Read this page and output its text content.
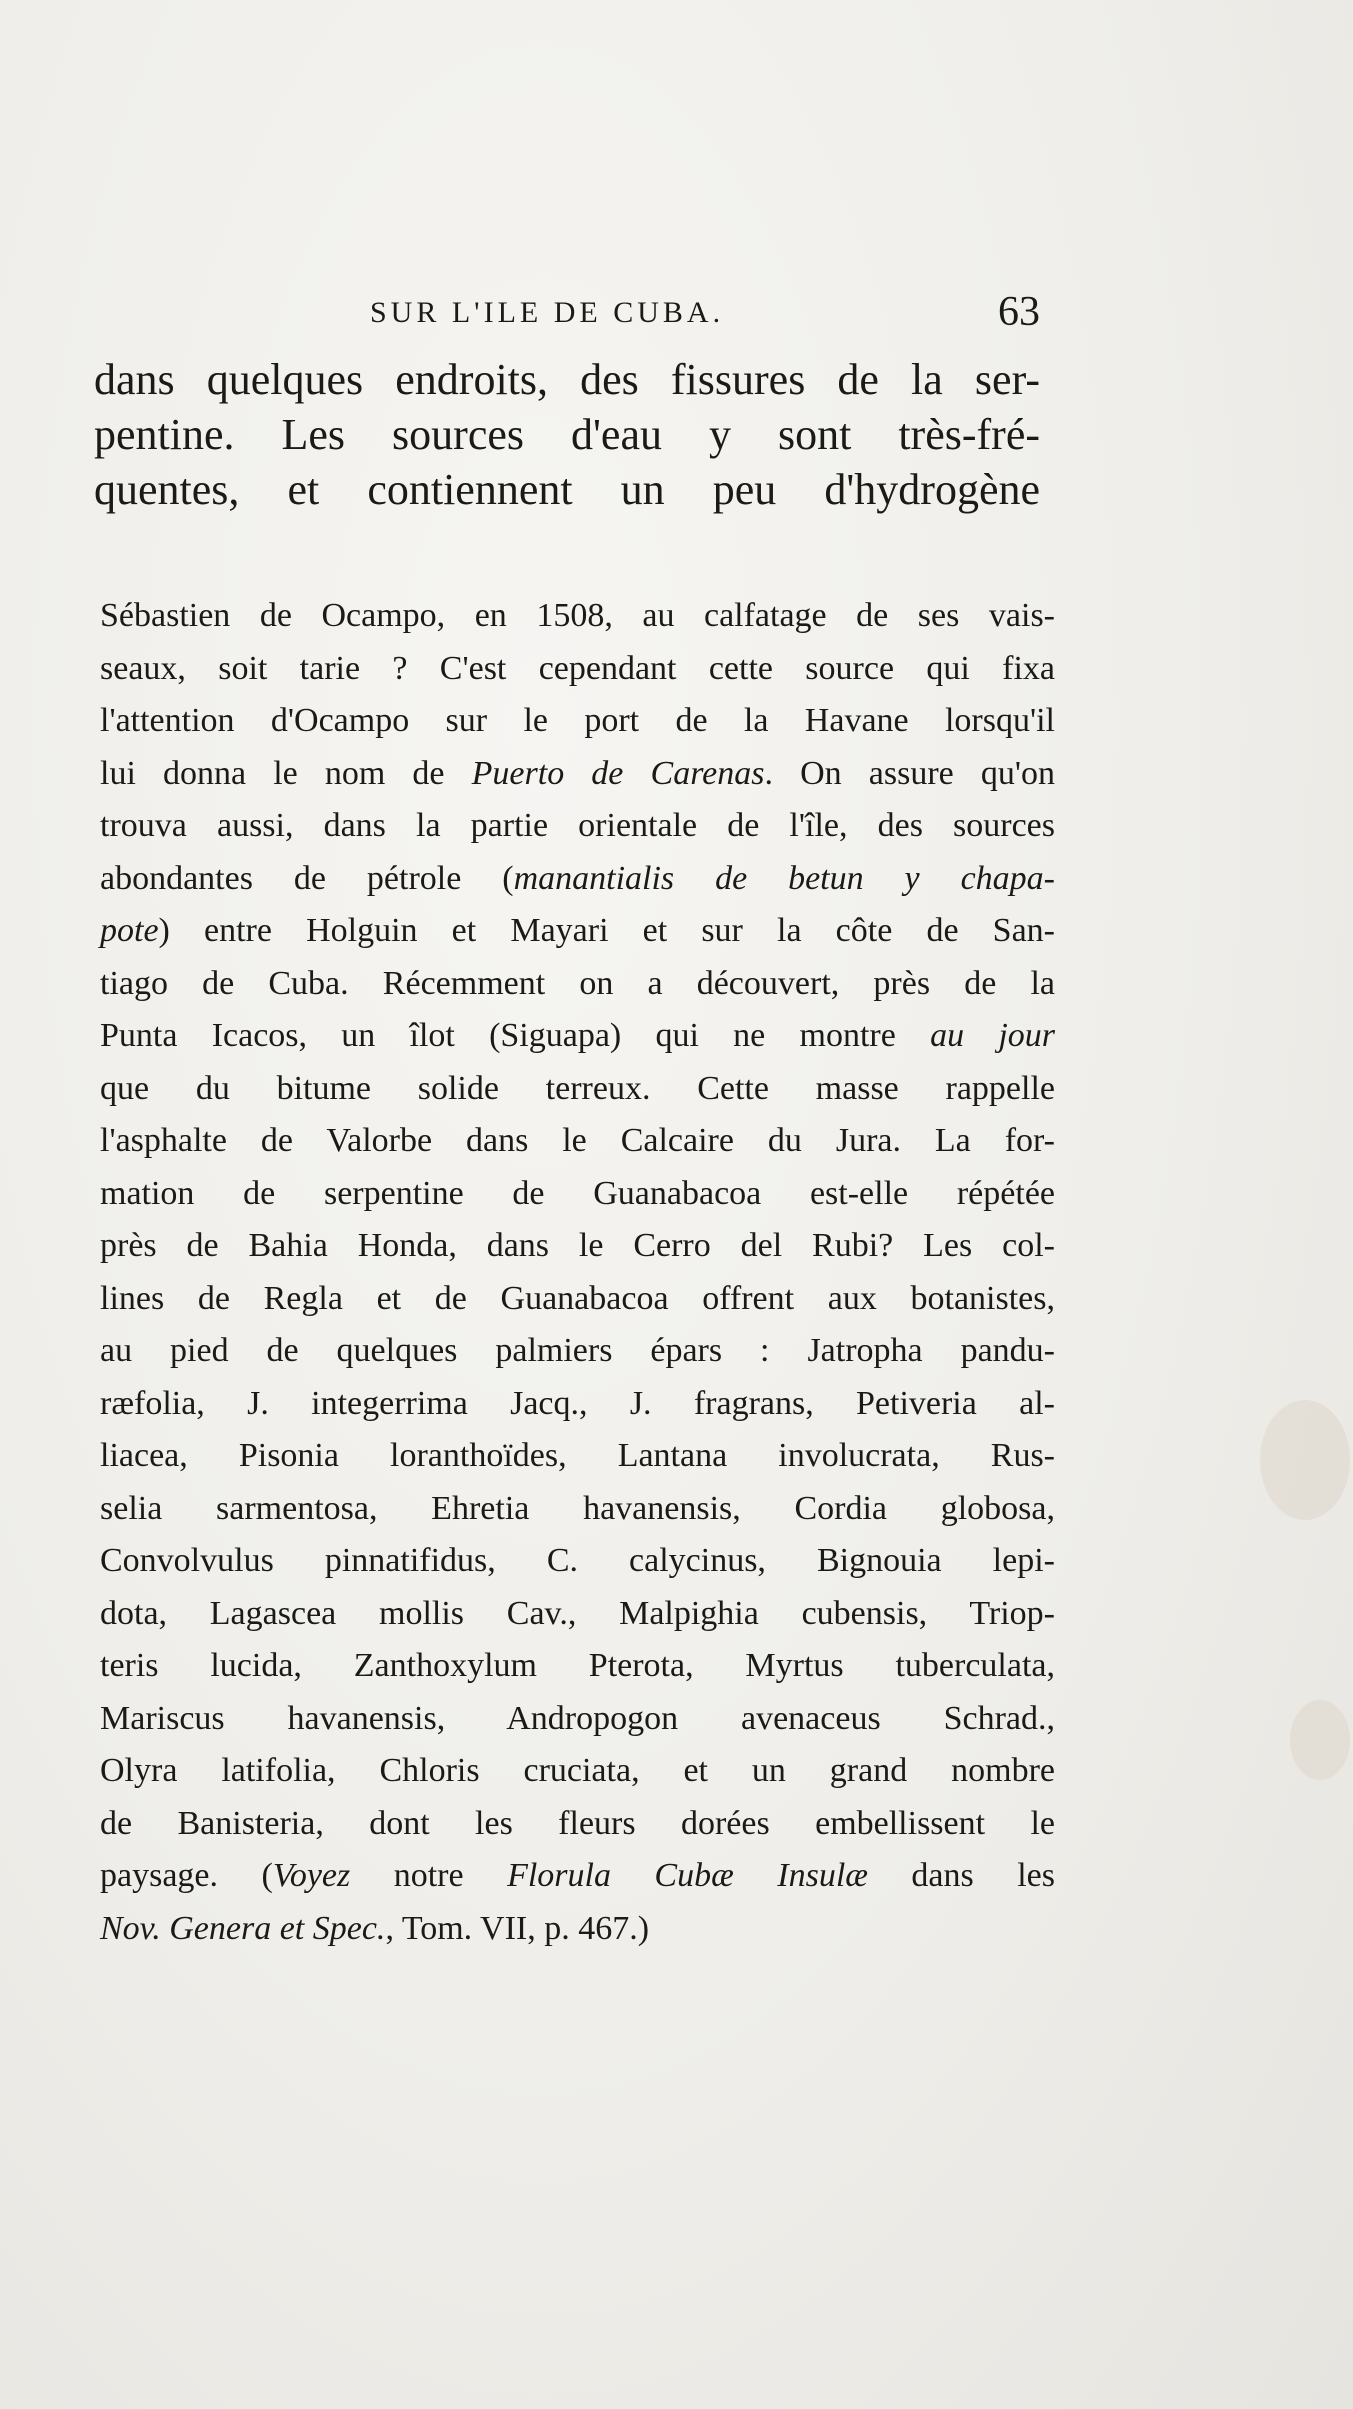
SUR L'ILE DE CUBA.	63
dans quelques endroits, des fissures de la ser-
pentine. Les sources d'eau y sont très-fré-
quentes, et contiennent un peu d'hydrogène
Sébastien de Ocampo, en 1508, au calfatage de ses vais-
seaux, soit tarie ? C'est cependant cette source qui fixa
l'attention d'Ocampo sur le port de la Havane lorsqu'il
lui donna le nom de Puerto de Carenas. On assure qu'on
trouva aussi, dans la partie orientale de l'île, des sources
abondantes de pétrole (manantialis de betun y chapa-
pote) entre Holguin et Mayari et sur la côte de San-
tiago de Cuba. Récemment on a découvert, près de la
Punta Icacos, un îlot (Siguapa) qui ne montre au jour
que du bitume solide terreux. Cette masse rappelle
l'asphalte de Valorbe dans le Calcaire du Jura. La for-
mation de serpentine de Guanabacoa est-elle répétée
près de Bahia Honda, dans le Cerro del Rubi? Les col-
lines de Regla et de Guanabacoa offrent aux botanistes,
au pied de quelques palmiers épars : Jatropha pandu-
ræfolia, J. integerrima Jacq., J. fragrans, Petiveria al-
liacea, Pisonia loranthoïdes, Lantana involucrata, Rus-
selia sarmentosa, Ehretia havanensis, Cordia globosa,
Convolvulus pinnatifidus, C. calycinus, Bignouia lepi-
dota, Lagascea mollis Cav., Malpighia cubensis, Triop-
teris lucida, Zanthoxylum Pterota, Myrtus tuberculata,
Mariscus havanensis, Andropogon avenaceus Schrad.,
Olyra latifolia, Chloris cruciata, et un grand nombre
de Banisteria, dont les fleurs dorées embellissent le
paysage. (Voyez notre Florula Cubæ Insulæ dans les
Nov. Genera et Spec., Tom. VII, p. 467.)
